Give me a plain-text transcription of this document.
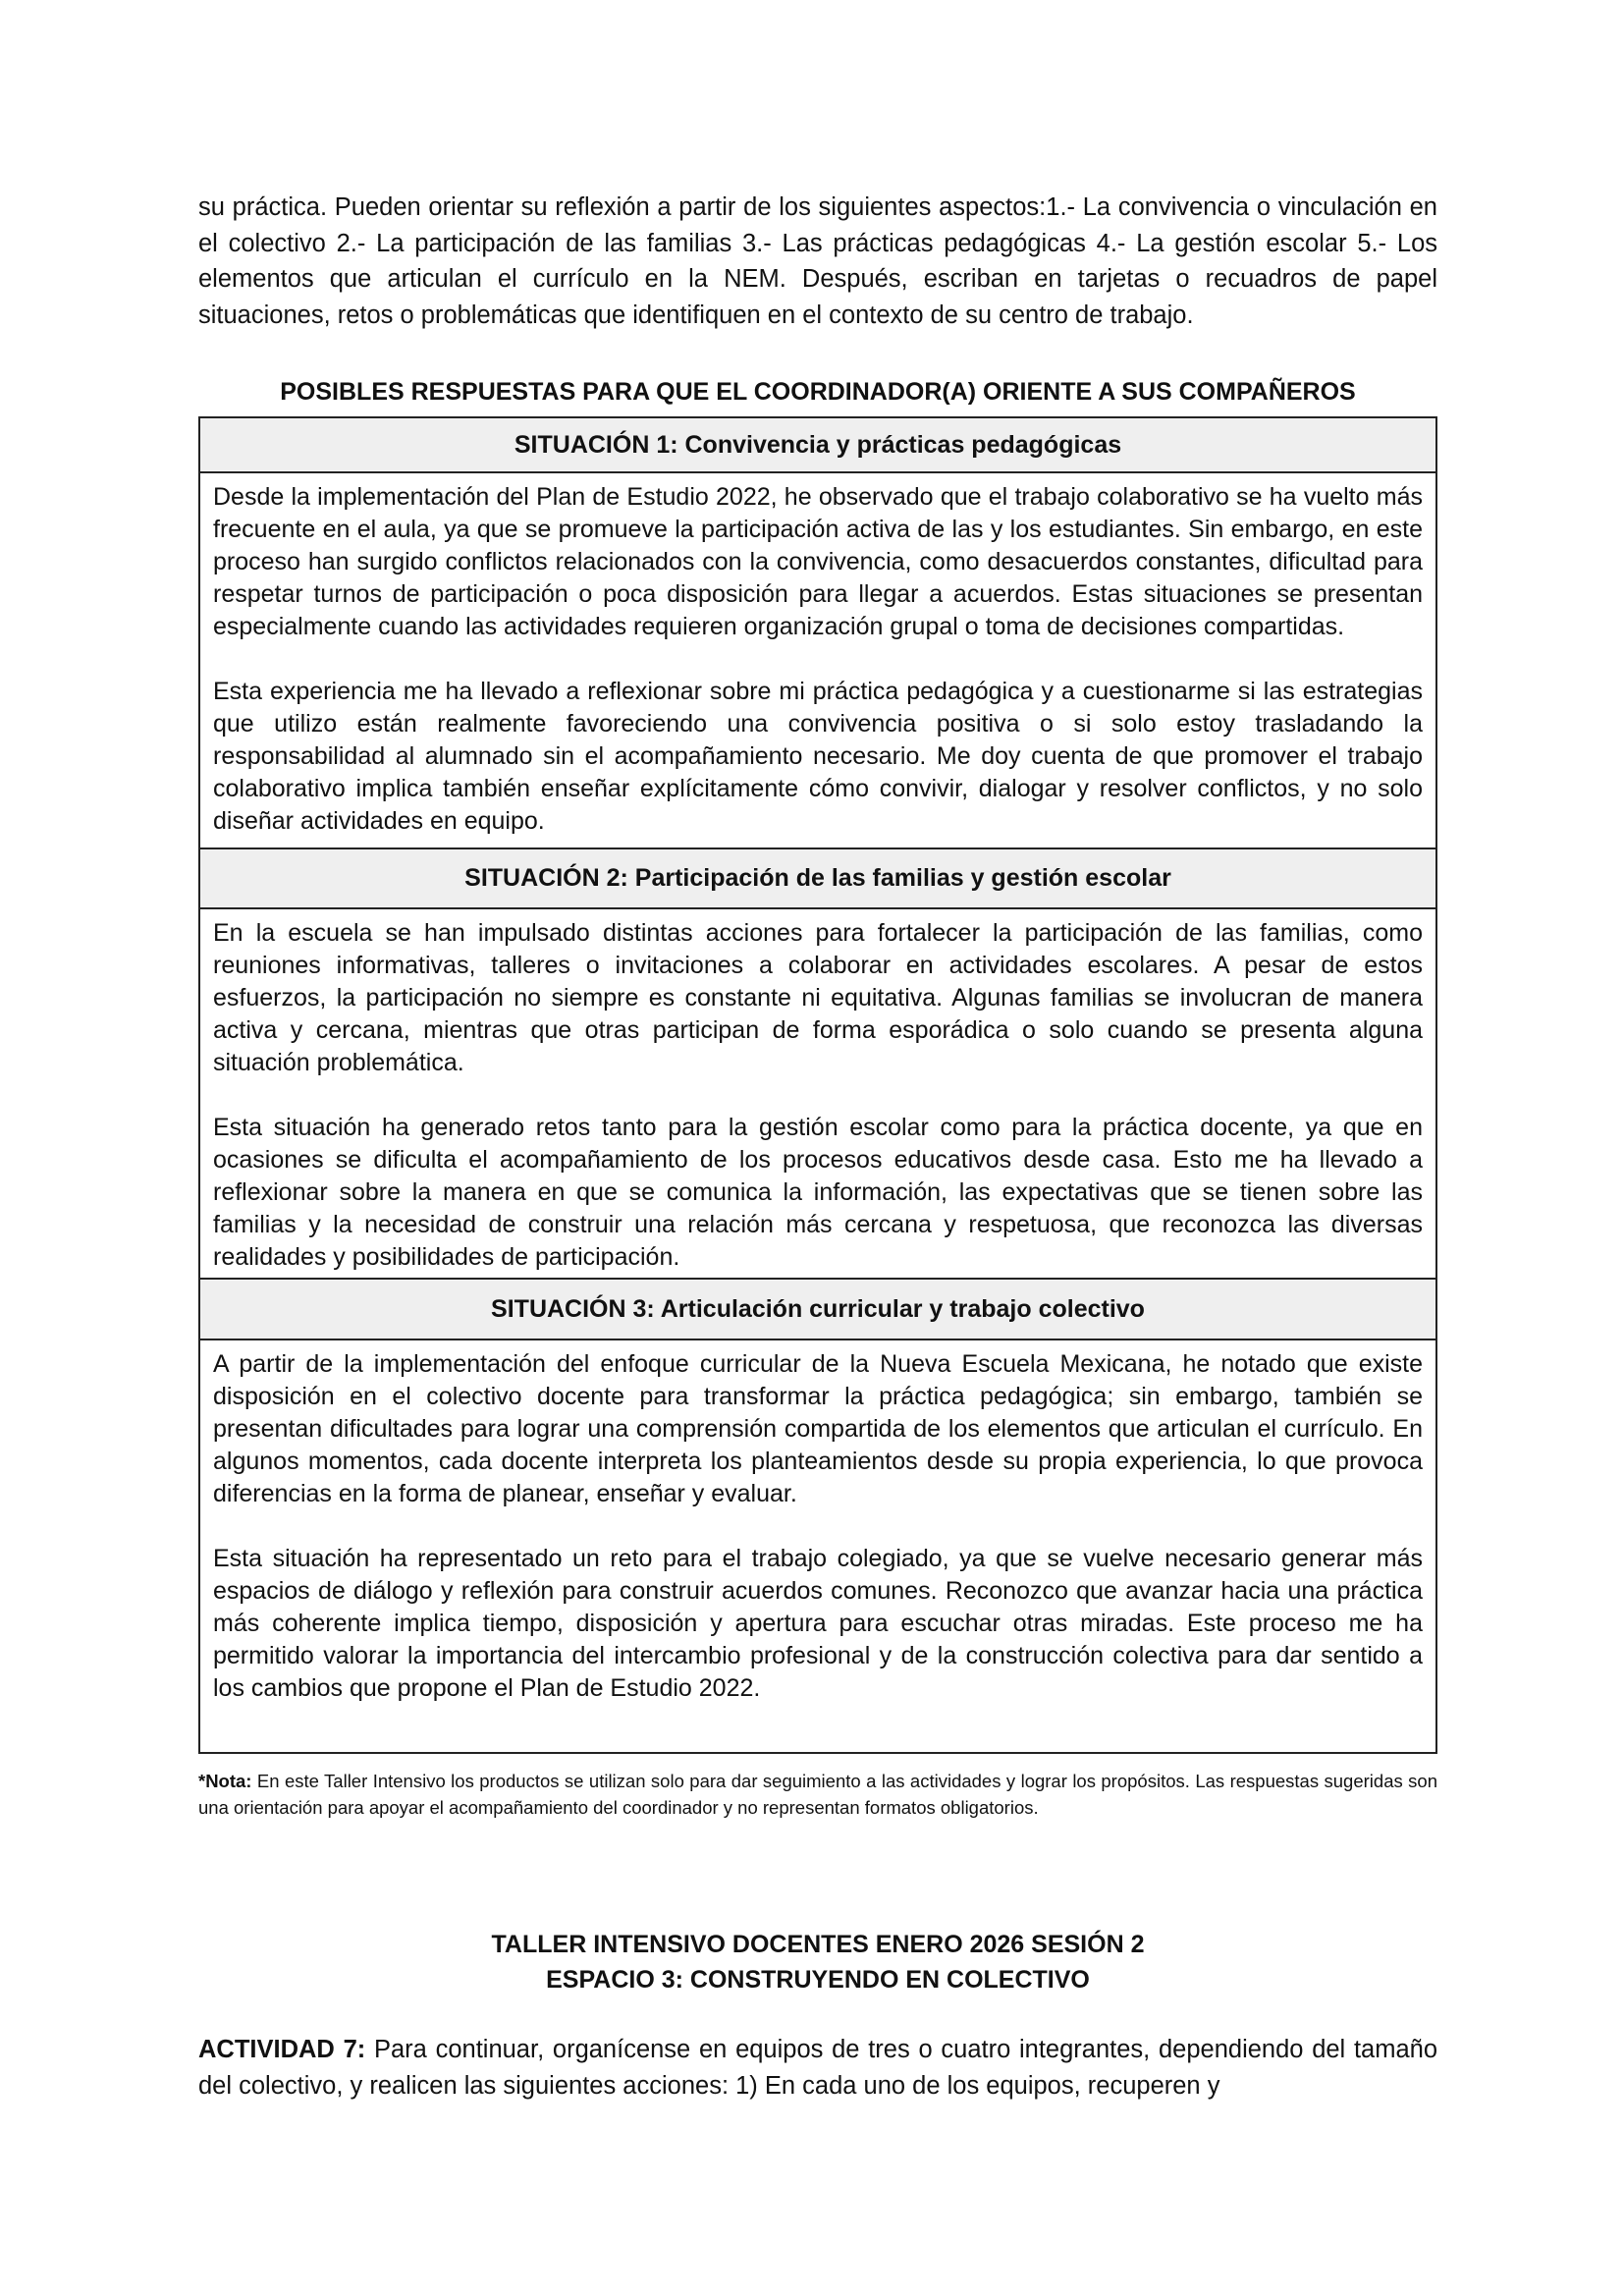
su práctica. Pueden orientar su reflexión a partir de los siguientes aspectos:1.- La convivencia o vinculación en el colectivo 2.- La participación de las familias 3.- Las prácticas pedagógicas 4.- La gestión escolar 5.- Los elementos que articulan el currículo en la NEM. Después, escriban en tarjetas o recuadros de papel situaciones, retos o problemáticas que identifiquen en el contexto de su centro de trabajo.

POSIBLES RESPUESTAS PARA QUE EL COORDINADOR(A) ORIENTE A SUS COMPAÑEROS
SITUACIÓN 1: Convivencia y prácticas pedagógicas

Desde la implementación del Plan de Estudio 2022, he observado que el trabajo colaborativo se ha vuelto más frecuente en el aula, ya que se promueve la participación activa de las y los estudiantes. Sin embargo, en este proceso han surgido conflictos relacionados con la convivencia, como desacuerdos constantes, dificultad para respetar turnos de participación o poca disposición para llegar a acuerdos. Estas situaciones se presentan especialmente cuando las actividades requieren organización grupal o toma de decisiones compartidas.

Esta experiencia me ha llevado a reflexionar sobre mi práctica pedagógica y a cuestionarme si las estrategias que utilizo están realmente favoreciendo una convivencia positiva o si solo estoy trasladando la responsabilidad al alumnado sin el acompañamiento necesario. Me doy cuenta de que promover el trabajo colaborativo implica también enseñar explícitamente cómo convivir, dialogar y resolver conflictos, y no solo diseñar actividades en equipo.

SITUACIÓN 2: Participación de las familias y gestión escolar

En la escuela se han impulsado distintas acciones para fortalecer la participación de las familias, como reuniones informativas, talleres o invitaciones a colaborar en actividades escolares. A pesar de estos esfuerzos, la participación no siempre es constante ni equitativa. Algunas familias se involucran de manera activa y cercana, mientras que otras participan de forma esporádica o solo cuando se presenta alguna situación problemática.

Esta situación ha generado retos tanto para la gestión escolar como para la práctica docente, ya que en ocasiones se dificulta el acompañamiento de los procesos educativos desde casa. Esto me ha llevado a reflexionar sobre la manera en que se comunica la información, las expectativas que se tienen sobre las familias y la necesidad de construir una relación más cercana y respetuosa, que reconozca las diversas realidades y posibilidades de participación.

SITUACIÓN 3: Articulación curricular y trabajo colectivo

A partir de la implementación del enfoque curricular de la Nueva Escuela Mexicana, he notado que existe disposición en el colectivo docente para transformar la práctica pedagógica; sin embargo, también se presentan dificultades para lograr una comprensión compartida de los elementos que articulan el currículo. En algunos momentos, cada docente interpreta los planteamientos desde su propia experiencia, lo que provoca diferencias en la forma de planear, enseñar y evaluar.

Esta situación ha representado un reto para el trabajo colegiado, ya que se vuelve necesario generar más espacios de diálogo y reflexión para construir acuerdos comunes. Reconozco que avanzar hacia una práctica más coherente implica tiempo, disposición y apertura para escuchar otras miradas. Este proceso me ha permitido valorar la importancia del intercambio profesional y de la construcción colectiva para dar sentido a los cambios que propone el Plan de Estudio 2022.

*Nota: En este Taller Intensivo los productos se utilizan solo para dar seguimiento a las actividades y lograr los propósitos. Las respuestas sugeridas son una orientación para apoyar el acompañamiento del coordinador y no representan formatos obligatorios.

TALLER INTENSIVO DOCENTES ENERO 2026 SESIÓN 2
ESPACIO 3: CONSTRUYENDO EN COLECTIVO

ACTIVIDAD 7: Para continuar, organícense en equipos de tres o cuatro integrantes, dependiendo del tamaño del colectivo, y realicen las siguientes acciones: 1) En cada uno de los equipos, recuperen y
